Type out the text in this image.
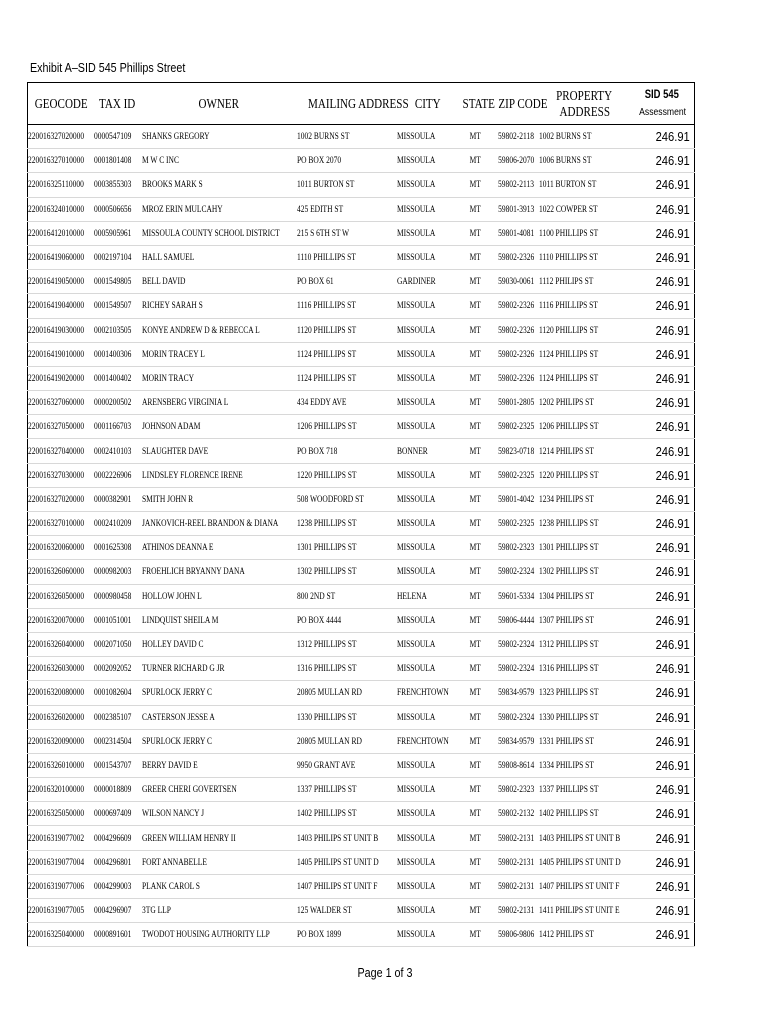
Exhibit A–SID 545 Phillips Street
GEOCODE	TAX ID	OWNER	MAILING ADDRESS	CITY	STATE	ZIP CODE	PROPERTY
ADDRESS	SID 545
Assessment
220016327020000	0000547109	SHANKS GREGORY	1002 BURNS ST	MISSOULA	MT	59802-2118	1002 BURNS ST	246.91
220016327010000	0001801408	M W C INC	PO BOX 2070	MISSOULA	MT	59806-2070	1006 BURNS ST	246.91
220016325110000	0003855303	BROOKS MARK S	1011 BURTON ST	MISSOULA	MT	59802-2113	1011 BURTON ST	246.91
220016324010000	0000506656	MROZ ERIN MULCAHY	425 EDITH ST	MISSOULA	MT	59801-3913	1022 COWPER ST	246.91
220016412010000	0005905961	MISSOULA COUNTY SCHOOL DISTRICT	215 S 6TH ST W	MISSOULA	MT	59801-4081	1100 PHILLIPS ST	246.91
220016419060000	0002197104	HALL SAMUEL	1110 PHILLIPS ST	MISSOULA	MT	59802-2326	1110 PHILLIPS ST	246.91
220016419050000	0001549805	BELL DAVID	PO BOX 61	GARDINER	MT	59030-0061	1112 PHILIPS ST	246.91
220016419040000	0001549507	RICHEY SARAH S	1116 PHILLIPS ST	MISSOULA	MT	59802-2326	1116 PHILLIPS ST	246.91
220016419030000	0002103505	KONYE ANDREW D & REBECCA L	1120 PHILLIPS ST	MISSOULA	MT	59802-2326	1120 PHILLIPS ST	246.91
220016419010000	0001400306	MORIN TRACEY L	1124 PHILLIPS ST	MISSOULA	MT	59802-2326	1124 PHILLIPS ST	246.91
220016419020000	0001400402	MORIN TRACY	1124 PHILLIPS ST	MISSOULA	MT	59802-2326	1124 PHILLIPS ST	246.91
220016327060000	0000200502	ARENSBERG VIRGINIA L	434 EDDY AVE	MISSOULA	MT	59801-2805	1202 PHILIPS ST	246.91
220016327050000	0001166703	JOHNSON ADAM	1206 PHILLIPS ST	MISSOULA	MT	59802-2325	1206 PHILLIPS ST	246.91
220016327040000	0002410103	SLAUGHTER DAVE	PO BOX 718	BONNER	MT	59823-0718	1214 PHILIPS ST	246.91
220016327030000	0002226906	LINDSLEY FLORENCE IRENE	1220 PHILLIPS ST	MISSOULA	MT	59802-2325	1220 PHILLIPS ST	246.91
220016327020000	0000382901	SMITH JOHN R	508 WOODFORD ST	MISSOULA	MT	59801-4042	1234 PHILIPS ST	246.91
220016327010000	0002410209	JANKOVICH-REEL BRANDON & DIANA	1238 PHILLIPS ST	MISSOULA	MT	59802-2325	1238 PHILLIPS ST	246.91
220016320060000	0001625308	ATHINOS DEANNA E	1301 PHILLIPS ST	MISSOULA	MT	59802-2323	1301 PHILLIPS ST	246.91
220016326060000	0000982003	FROEHLICH BRYANNY DANA	1302 PHILLIPS ST	MISSOULA	MT	59802-2324	1302 PHILLIPS ST	246.91
220016326050000	0000980458	HOLLOW JOHN L	800 2ND ST	HELENA	MT	59601-5334	1304 PHILIPS ST	246.91
220016320070000	0001051001	LINDQUIST SHEILA M	PO BOX 4444	MISSOULA	MT	59806-4444	1307 PHILIPS ST	246.91
220016326040000	0002071050	HOLLEY DAVID C	1312 PHILLIPS ST	MISSOULA	MT	59802-2324	1312 PHILLIPS ST	246.91
220016326030000	0002092052	TURNER RICHARD G JR	1316 PHILLIPS ST	MISSOULA	MT	59802-2324	1316 PHILLIPS ST	246.91
220016320080000	0001082604	SPURLOCK JERRY C	20805 MULLAN RD	FRENCHTOWN	MT	59834-9579	1323 PHILLIPS ST	246.91
220016326020000	0002385107	CASTERSON JESSE A	1330 PHILLIPS ST	MISSOULA	MT	59802-2324	1330 PHILLIPS ST	246.91
220016320090000	0002314504	SPURLOCK JERRY C	20805 MULLAN RD	FRENCHTOWN	MT	59834-9579	1331 PHILIPS ST	246.91
220016326010000	0001543707	BERRY DAVID E	9950 GRANT AVE	MISSOULA	MT	59808-8614	1334 PHILIPS ST	246.91
220016320100000	0000018809	GREER CHERI GOVERTSEN	1337 PHILLIPS ST	MISSOULA	MT	59802-2323	1337 PHILLIPS ST	246.91
220016325050000	0000697409	WILSON NANCY J	1402 PHILLIPS ST	MISSOULA	MT	59802-2132	1402 PHILLIPS ST	246.91
220016319077002	0004296609	GREEN WILLIAM HENRY II	1403 PHILIPS ST UNIT B	MISSOULA	MT	59802-2131	1403 PHILIPS ST UNIT B	246.91
220016319077004	0004296801	FORT ANNABELLE	1405 PHILIPS ST UNIT D	MISSOULA	MT	59802-2131	1405 PHILIPS ST UNIT D	246.91
220016319077006	0004299003	PLANK CAROL S	1407 PHILIPS ST UNIT F	MISSOULA	MT	59802-2131	1407 PHILIPS ST UNIT F	246.91
220016319077005	0004296907	3TG LLP	125 WALDER ST	MISSOULA	MT	59802-2131	1411 PHILIPS ST UNIT E	246.91
220016325040000	0000891601	TWODOT HOUSING AUTHORITY LLP	PO BOX 1899	MISSOULA	MT	59806-9806	1412 PHILIPS ST	246.91
Page 1 of 3
